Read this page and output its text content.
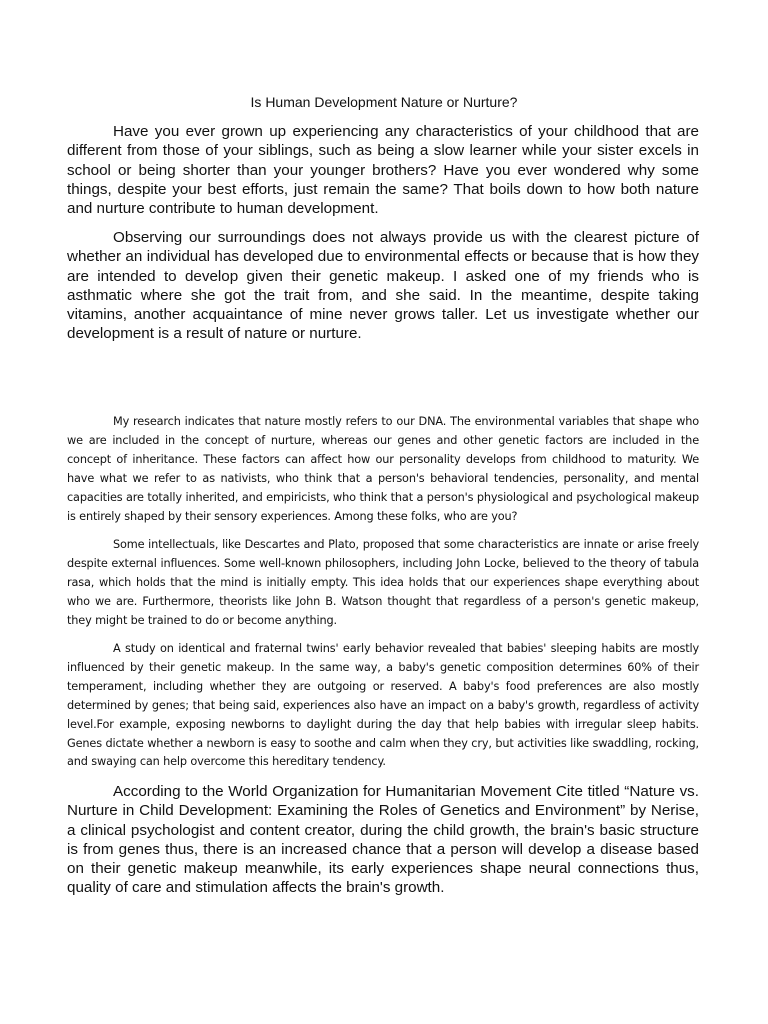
Is Human Development Nature or Nurture?

Have you ever grown up experiencing any characteristics of your childhood that are different from those of your siblings, such as being a slow learner while your sister excels in school or being shorter than your younger brothers? Have you ever wondered why some things, despite your best efforts, just remain the same? That boils down to how both nature and nurture contribute to human development.

Observing our surroundings does not always provide us with the clearest picture of whether an individual has developed due to environmental effects or because that is how they are intended to develop given their genetic makeup. I asked one of my friends who is asthmatic where she got the trait from, and she said. In the meantime, despite taking vitamins, another acquaintance of mine never grows taller. Let us investigate whether our development is a result of nature or nurture.

My research indicates that nature mostly refers to our DNA. The environmental variables that shape who we are included in the concept of nurture, whereas our genes and other genetic factors are included in the concept of inheritance. These factors can affect how our personality develops from childhood to maturity. We have what we refer to as nativists, who think that a person's behavioral tendencies, personality, and mental capacities are totally inherited, and empiricists, who think that a person's physiological and psychological makeup is entirely shaped by their sensory experiences. Among these folks, who are you?

Some intellectuals, like Descartes and Plato, proposed that some characteristics are innate or arise freely despite external influences. Some well-known philosophers, including John Locke, believed to the theory of tabula rasa, which holds that the mind is initially empty. This idea holds that our experiences shape everything about who we are. Furthermore, theorists like John B. Watson thought that regardless of a person's genetic makeup, they might be trained to do or become anything.

A study on identical and fraternal twins' early behavior revealed that babies' sleeping habits are mostly influenced by their genetic makeup. In the same way, a baby's genetic composition determines 60% of their temperament, including whether they are outgoing or reserved. A baby's food preferences are also mostly determined by genes; that being said, experiences also have an impact on a baby's growth, regardless of activity level.For example, exposing newborns to daylight during the day that help babies with irregular sleep habits. Genes dictate whether a newborn is easy to soothe and calm when they cry, but activities like swaddling, rocking, and swaying can help overcome this hereditary tendency.

According to the World Organization for Humanitarian Movement Cite titled “Nature vs. Nurture in Child Development: Examining the Roles of Genetics and Environment” by Nerise, a clinical psychologist and content creator, during the child growth, the brain's basic structure is from genes thus, there is an increased chance that a person will develop a disease based on their genetic makeup meanwhile, its early experiences shape neural connections thus, quality of care and stimulation affects the brain's growth.
